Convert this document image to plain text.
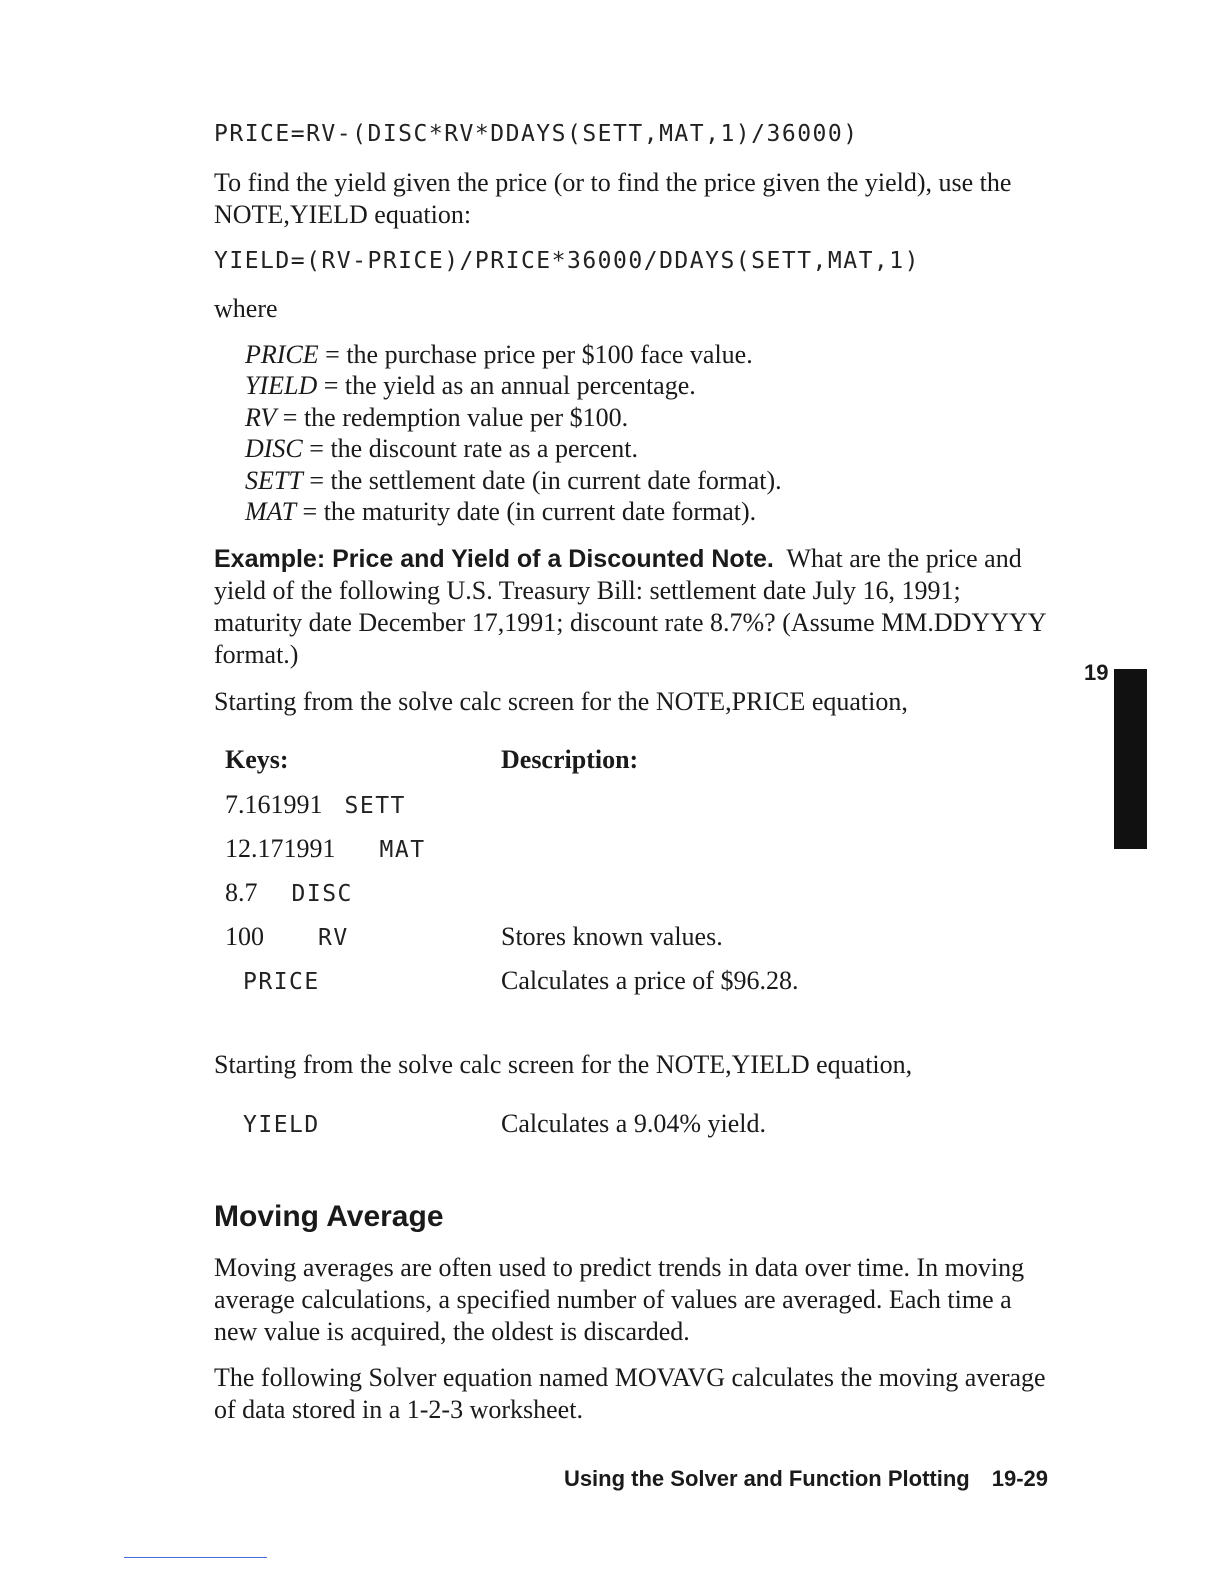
PRICE=RV-(DISC*RV*DDAYS(SETT,MAT,1)/36000)

To find the yield given the price (or to find the price given the yield), use the NOTE,YIELD equation:

YIELD=(RV-PRICE)/PRICE*36000/DDAYS(SETT,MAT,1)
where
PRICE = the purchase price per $100 face value.
YIELD = the yield as an annual percentage.
RV = the redemption value per $100.
DISC = the discount rate as a percent.
SETT = the settlement date (in current date format).
MAT = the maturity date (in current date format).

Example: Price and Yield of a Discounted Note. What are the price and yield of the following U.S. Treasury Bill: settlement date July 16, 1991; maturity date December 17,1991; discount rate 8.7%? (Assume MM.DDYYYY format.)

Starting from the solve calc screen for the NOTE,PRICE equation,
Keys:	Description:
7.161991 SETT
12.171991 MAT
8.7 DISC
100 RV	Stores known values.
PRICE	Calculates a price of $96.28.
Starting from the solve calc screen for the NOTE,YIELD equation,
YIELD	Calculates a 9.04% yield.
Moving Average

Moving averages are often used to predict trends in data over time. In moving average calculations, a specified number of values are averaged. Each time a new value is acquired, the oldest is discarded.

The following Solver equation named MOVAVG calculates the moving average of data stored in a 1-2-3 worksheet.

19
Using the Solver and Function Plotting 19-29
